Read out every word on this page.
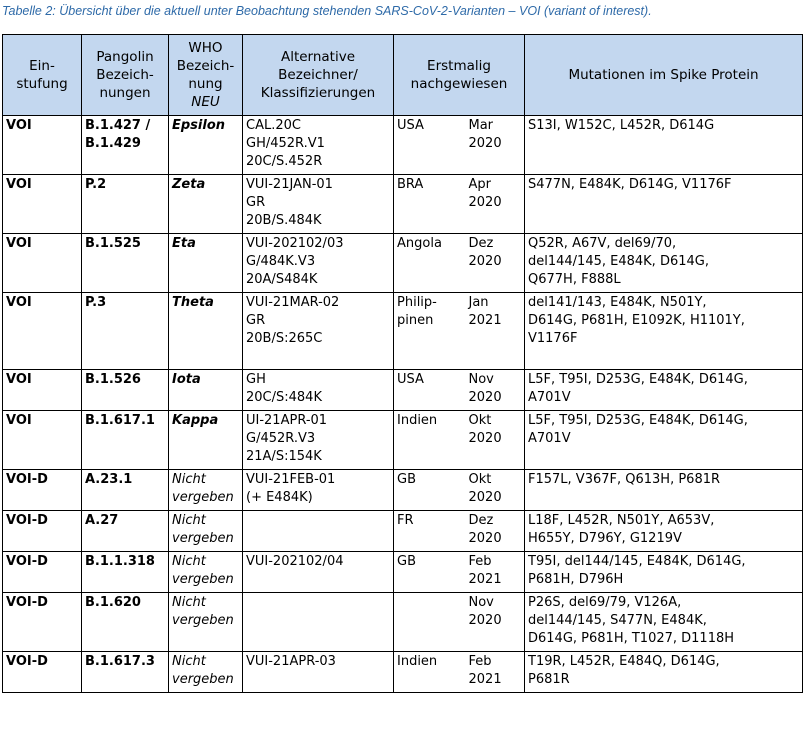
Tabelle 2: Übersicht über die aktuell unter Beobachtung stehenden SARS-CoV-2-Varianten – VOI (variant of interest).
Ein-
stufung	Pangolin
Bezeich-
nungen	WHO
Bezeich-
nung
NEU	Alternative
Bezeichner/
Klassifizierungen	Erstmalig
nachgewiesen		Mutationen im Spike Protein

VOI	B.1.427 /
B.1.429	Epsilon	CAL.20C
GH/452R.V1
20C/S.452R	USA	Mar
2020	S13I, W152C, L452R, D614G

VOI	P.2	Zeta	VUI-21JAN-01
GR
20B/S.484K	BRA	Apr
2020	S477N, E484K, D614G, V1176F

VOI	B.1.525	Eta	VUI-202102/03
G/484K.V3
20A/S484K	Angola	Dez
2020	Q52R, A67V, del69/70,
del144/145, E484K, D614G,
Q677H, F888L

VOI	P.3	Theta	VUI-21MAR-02
GR
20B/S:265C	Philip-
pinen	Jan
2021	del141/143, E484K, N501Y,
D614G, P681H, E1092K, H1101Y,
V1176F

VOI	B.1.526	Iota	GH
20C/S:484K	USA	Nov
2020	L5F, T95I, D253G, E484K, D614G,
A701V

VOI	B.1.617.1	Kappa	UI-21APR-01
G/452R.V3
21A/S:154K	Indien	Okt
2020	L5F, T95I, D253G, E484K, D614G,
A701V

VOI-D	A.23.1	Nicht
vergeben	VUI-21FEB-01
(+ E484K)	GB	Okt
2020	F157L, V367F, Q613H, P681R

VOI-D	A.27	Nicht
vergeben		FR	Dez
2020	L18F, L452R, N501Y, A653V,
H655Y, D796Y, G1219V

VOI-D	B.1.1.318	Nicht
vergeben	VUI-202102/04	GB	Feb
2021	T95I, del144/145, E484K, D614G,
P681H, D796H

VOI-D	B.1.620	Nicht
vergeben			Nov
2020	P26S, del69/79, V126A,
del144/145, S477N, E484K,
D614G, P681H, T1027, D1118H

VOI-D	B.1.617.3	Nicht
vergeben	VUI-21APR-03	Indien	Feb
2021	T19R, L452R, E484Q, D614G,
P681R
